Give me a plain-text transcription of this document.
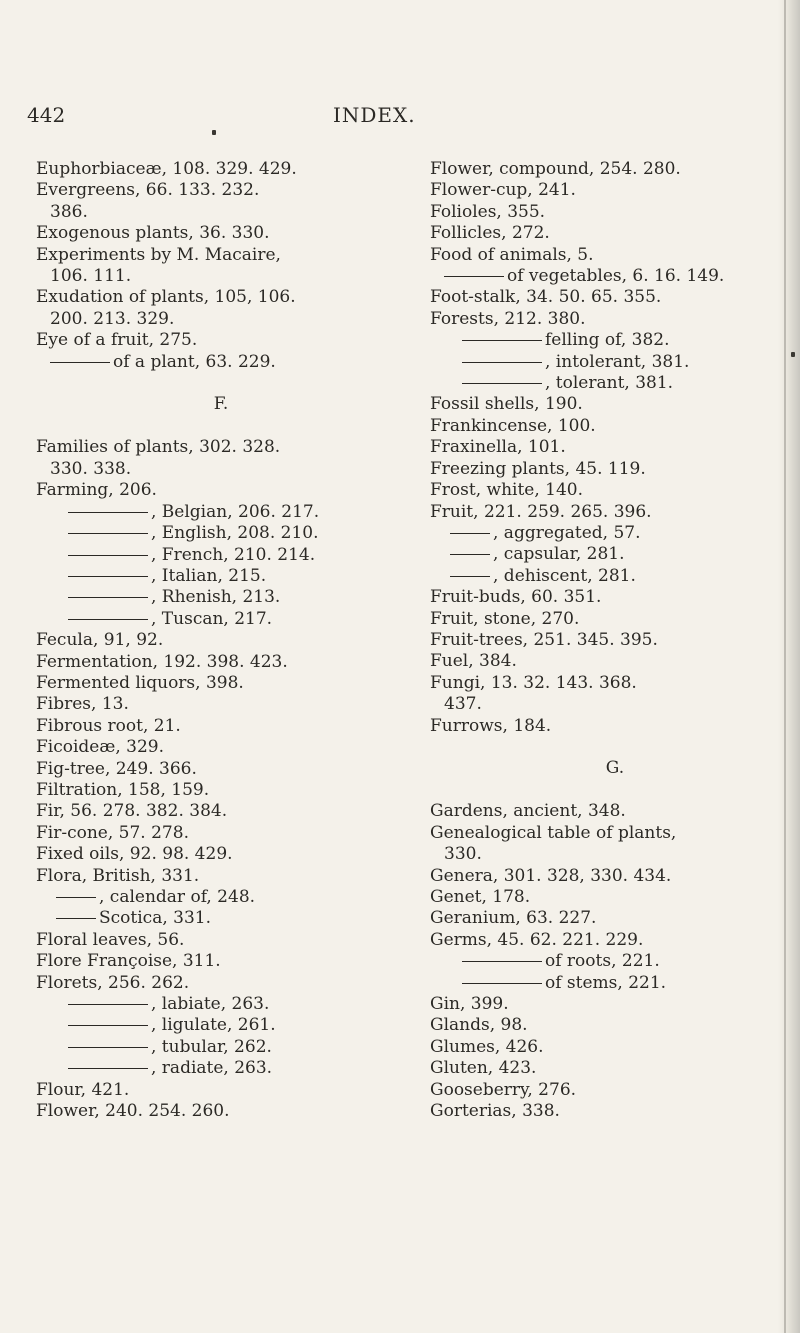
442	INDEX.
Euphorbiaceæ, 108. 329. 429.
Evergreens, 66. 133. 232.
386.
Exogenous plants, 36. 330.
Experiments by M. Macaire,
106. 111.
Exudation of plants, 105, 106.
200. 213. 329.
Eye of a fruit, 275.
of a plant, 63. 229.
F.
Families of plants, 302. 328.
330. 338.
Farming, 206.
, Belgian, 206. 217.
, English, 208. 210.
, French, 210. 214.
, Italian, 215.
, Rhenish, 213.
, Tuscan, 217.
Fecula, 91, 92.
Fermentation, 192. 398. 423.
Fermented liquors, 398.
Fibres, 13.
Fibrous root, 21.
Ficoideæ, 329.
Fig-tree, 249. 366.
Filtration, 158, 159.
Fir, 56. 278. 382. 384.
Fir-cone, 57. 278.
Fixed oils, 92. 98. 429.
Flora, British, 331.
, calendar of, 248.
Scotica, 331.
Floral leaves, 56.
Flore Françoise, 311.
Florets, 256. 262.
, labiate, 263.
, ligulate, 261.
, tubular, 262.
, radiate, 263.
Flour, 421.
Flower, 240. 254. 260.
Flower, compound, 254. 280.
Flower-cup, 241.
Folioles, 355.
Follicles, 272.
Food of animals, 5.
of vegetables, 6. 16. 149.
Foot-stalk, 34. 50. 65. 355.
Forests, 212. 380.
felling of, 382.
, intolerant, 381.
, tolerant, 381.
Fossil shells, 190.
Frankincense, 100.
Fraxinella, 101.
Freezing plants, 45. 119.
Frost, white, 140.
Fruit, 221. 259. 265. 396.
, aggregated, 57.
, capsular, 281.
, dehiscent, 281.
Fruit-buds, 60. 351.
Fruit, stone, 270.
Fruit-trees, 251. 345. 395.
Fuel, 384.
Fungi, 13. 32. 143. 368.
437.
Furrows, 184.
G.
Gardens, ancient, 348.
Genealogical table of plants,
330.
Genera, 301. 328, 330. 434.
Genet, 178.
Geranium, 63. 227.
Germs, 45. 62. 221. 229.
of roots, 221.
of stems, 221.
Gin, 399.
Glands, 98.
Glumes, 426.
Gluten, 423.
Gooseberry, 276.
Gorterias, 338.
